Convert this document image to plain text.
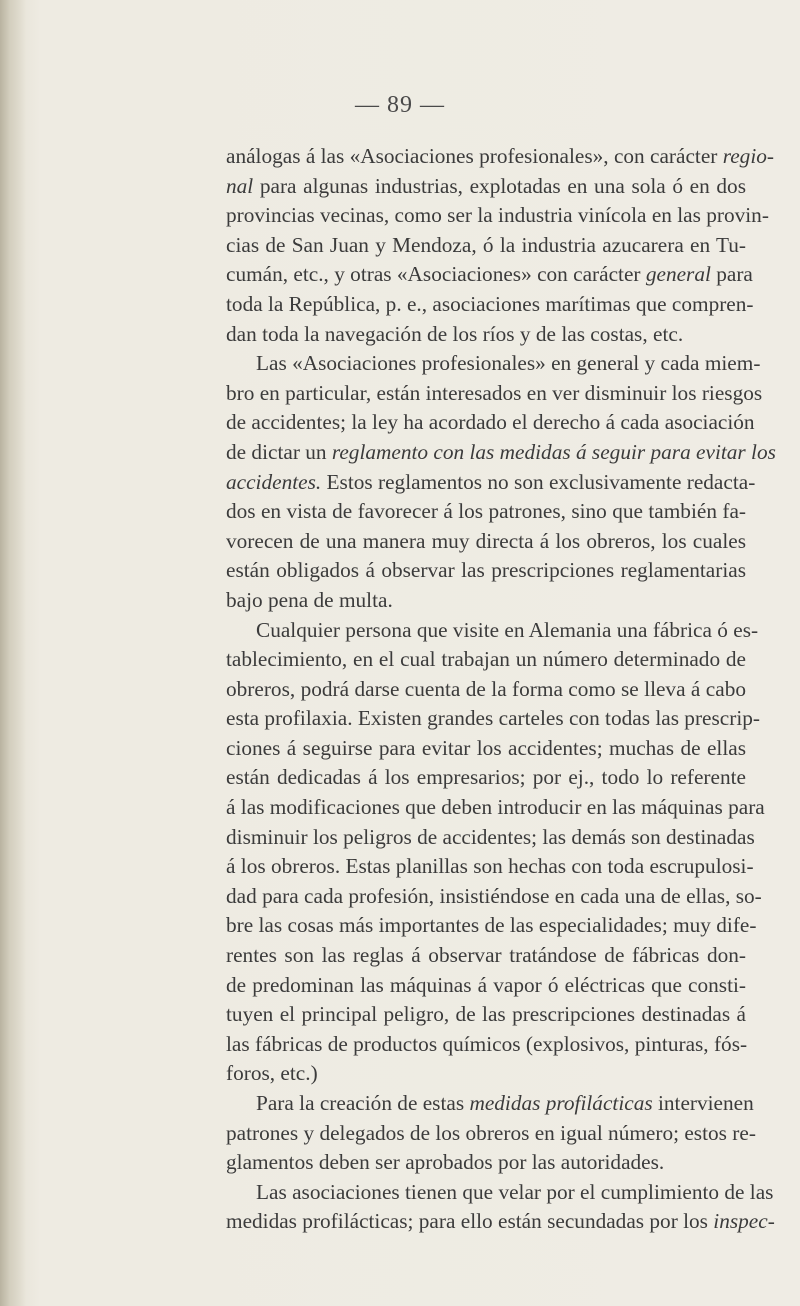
— 89 —
análogas á las «Asociaciones profesionales», con carácter regio-
nal para algunas industrias, explotadas en una sola ó en dos
provincias vecinas, como ser la industria vinícola en las provin-
cias de San Juan y Mendoza, ó la industria azucarera en Tu-
cumán, etc., y otras «Asociaciones» con carácter general para
toda la República, p. e., asociaciones marítimas que compren-
dan toda la navegación de los ríos y de las costas, etc.
Las «Asociaciones profesionales» en general y cada miem-
bro en particular, están interesados en ver disminuir los riesgos
de accidentes; la ley ha acordado el derecho á cada asociación
de dictar un reglamento con las medidas á seguir para evitar los
accidentes. Estos reglamentos no son exclusivamente redacta-
dos en vista de favorecer á los patrones, sino que también fa-
vorecen de una manera muy directa á los obreros, los cuales
están obligados á observar las prescripciones reglamentarias
bajo pena de multa.
Cualquier persona que visite en Alemania una fábrica ó es-
tablecimiento, en el cual trabajan un número determinado de
obreros, podrá darse cuenta de la forma como se lleva á cabo
esta profilaxia. Existen grandes carteles con todas las prescrip-
ciones á seguirse para evitar los accidentes; muchas de ellas
están dedicadas á los empresarios; por ej., todo lo referente
á las modificaciones que deben introducir en las máquinas para
disminuir los peligros de accidentes; las demás son destinadas
á los obreros. Estas planillas son hechas con toda escrupulosi-
dad para cada profesión, insistiéndose en cada una de ellas, so-
bre las cosas más importantes de las especialidades; muy dife-
rentes son las reglas á observar tratándose de fábricas don-
de predominan las máquinas á vapor ó eléctricas que consti-
tuyen el principal peligro, de las prescripciones destinadas á
las fábricas de productos químicos (explosivos, pinturas, fós-
foros, etc.)
Para la creación de estas medidas profilácticas intervienen
patrones y delegados de los obreros en igual número; estos re-
glamentos deben ser aprobados por las autoridades.
Las asociaciones tienen que velar por el cumplimiento de las
medidas profilácticas; para ello están secundadas por los inspec-
